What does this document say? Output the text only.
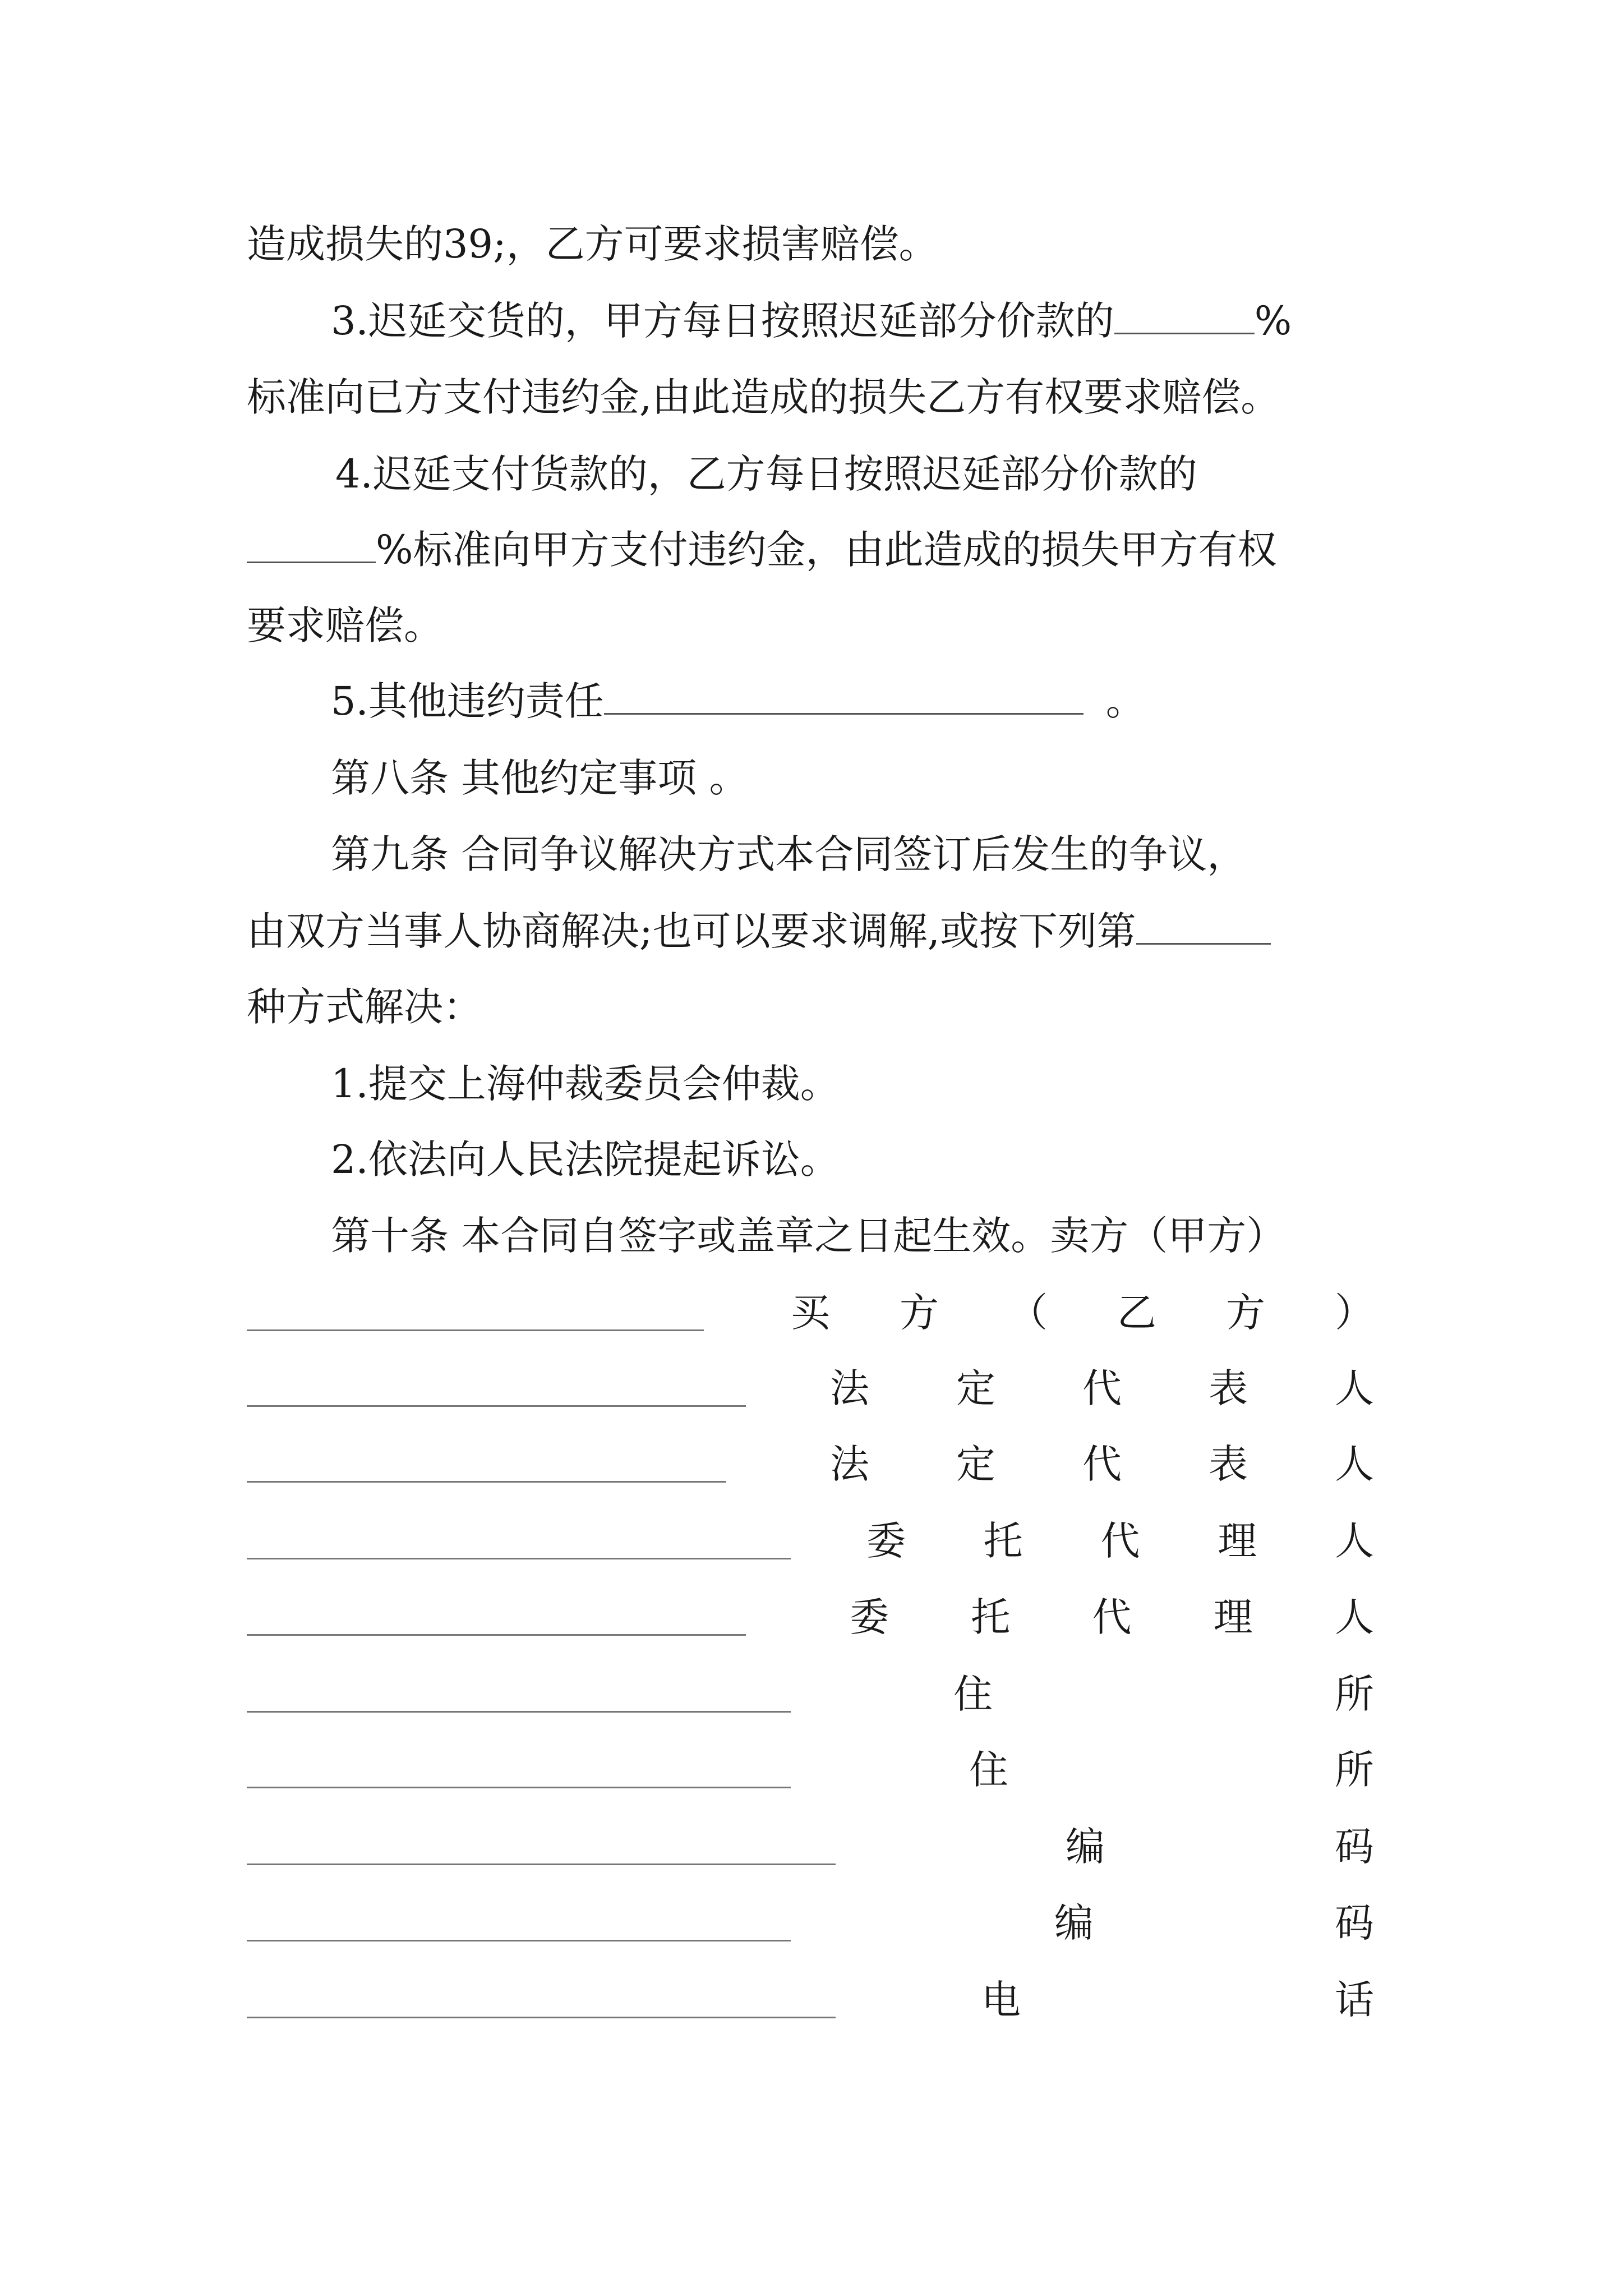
造成损失的39;，乙方可要求损害赔偿。
3.迟延交货的，甲方每日按照迟延部分价款的	%
标准向已方支付违约金,由此造成的损失乙方有权要求赔偿。
4.迟延支付货款的，乙方每日按照迟延部分价款的
%标准向甲方支付违约金，由此造成的损失甲方有权
要求赔偿。
5.其他违约责任	。
第八条 其他约定事项 。
第九条 合同争议解决方式本合同签订后发生的争议，
由双方当事人协商解决;也可以要求调解,或按下列第
种方式解决：
1.提交上海仲裁委员会仲裁。
2.依法向人民法院提起诉讼。
第十条 本合同自签字或盖章之日起生效。卖方（甲方）
买 方 （ 乙 方 ）
法 定 代 表 人
法 定 代 表 人
委 托 代 理 人
委 托 代 理 人
住	所
住	所
编	码
编	码
电	话
